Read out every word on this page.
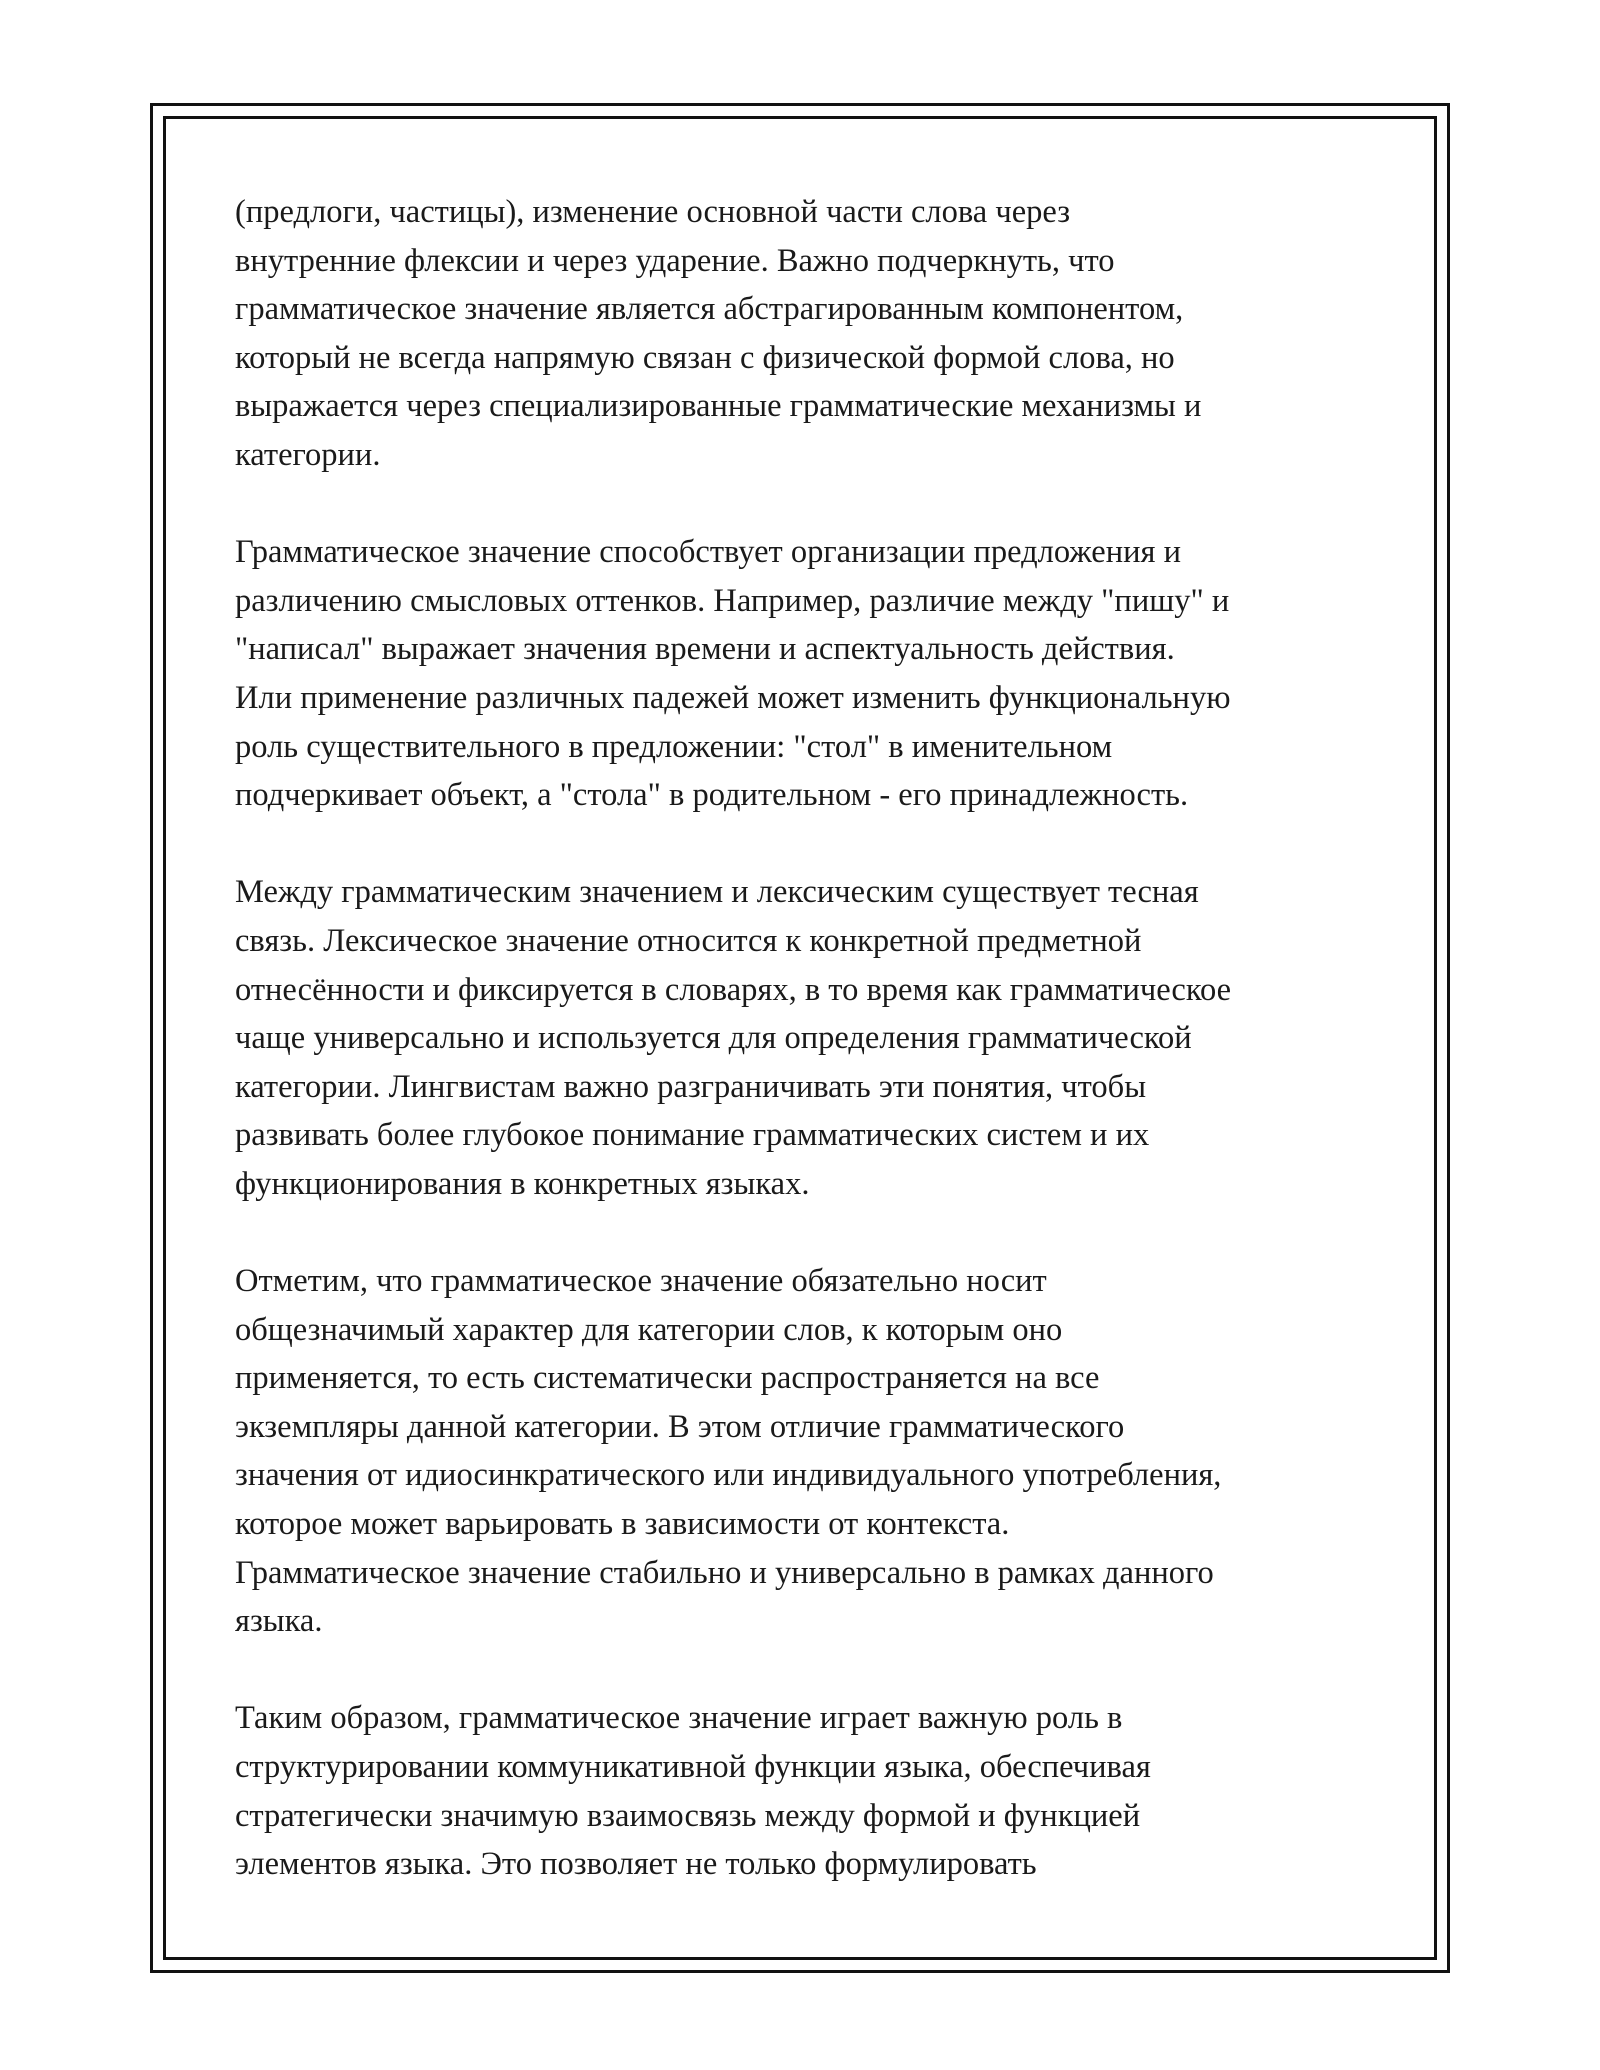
(предлоги, частицы), изменение основной части слова через
внутренние флексии и через ударение. Важно подчеркнуть, что
грамматическое значение является абстрагированным компонентом,
который не всегда напрямую связан с физической формой слова, но
выражается через специализированные грамматические механизмы и
категории.

Грамматическое значение способствует организации предложения и
различению смысловых оттенков. Например, различие между "пишу" и
"написал" выражает значения времени и аспектуальность действия.
Или применение различных падежей может изменить функциональную
роль существительного в предложении: "стол" в именительном
подчеркивает объект, а "стола" в родительном - его принадлежность.

Между грамматическим значением и лексическим существует тесная
связь. Лексическое значение относится к конкретной предметной
отнесённости и фиксируется в словарях, в то время как грамматическое
чаще универсально и используется для определения грамматической
категории. Лингвистам важно разграничивать эти понятия, чтобы
развивать более глубокое понимание грамматических систем и их
функционирования в конкретных языках.

Отметим, что грамматическое значение обязательно носит
общезначимый характер для категории слов, к которым оно
применяется, то есть систематически распространяется на все
экземпляры данной категории. В этом отличие грамматического
значения от идиосинкратического или индивидуального употребления,
которое может варьировать в зависимости от контекста.
Грамматическое значение стабильно и универсально в рамках данного
языка.

Таким образом, грамматическое значение играет важную роль в
структурировании коммуникативной функции языка, обеспечивая
стратегически значимую взаимосвязь между формой и функцией
элементов языка. Это позволяет не только формулировать
